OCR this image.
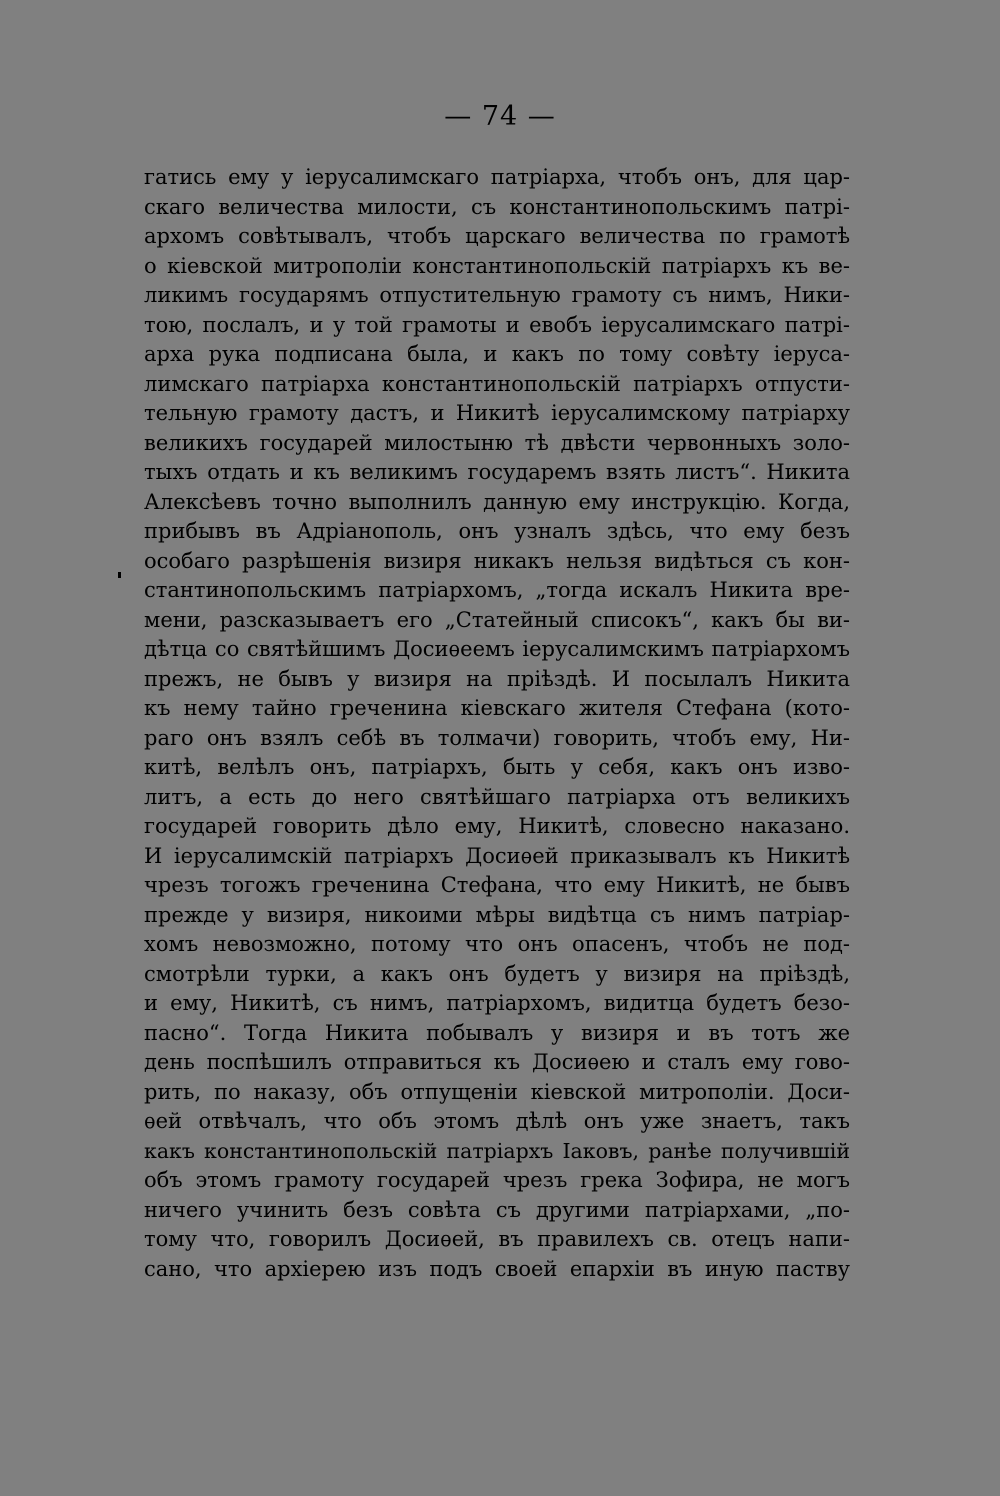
— 74 —
гатись ему у іерусалимскаго патріарха, чтобъ онъ, для цар-
скаго величества милости, съ константинопольскимъ патрі-
архомъ совѣтывалъ, чтобъ царскаго величества по грамотѣ
о кіевской митрополіи константинопольскій патріархъ къ ве-
ликимъ государямъ отпустительную грамоту съ нимъ, Ники-
тою, послалъ, и у той грамоты и евобъ іерусалимскаго патрі-
арха рука подписана была, и какъ по тому совѣту іеруса-
лимскаго патріарха константинопольскій патріархъ отпусти-
тельную грамоту дастъ, и Никитѣ іерусалимскому патріарху
великихъ государей милостыню тѣ двѣсти червонныхъ золо-
тыхъ отдать и къ великимъ государемъ взять листъ“. Никита
Алексѣевъ точно выполнилъ данную ему инструкцію. Когда,
прибывъ въ Адріанополь, онъ узналъ здѣсь, что ему безъ
особаго разрѣшенія визиря никакъ нельзя видѣться съ кон-
стантинопольскимъ патріархомъ, „тогда искалъ Никита вре-
мени, разсказываетъ его „Статейный списокъ“, какъ бы ви-
дѣтца со святѣйшимъ Досиѳеемъ іерусалимскимъ патріархомъ
прежъ, не бывъ у визиря на пріѣздѣ. И посылалъ Никита
къ нему тайно греченина кіевскаго жителя Стефана (кото-
раго онъ взялъ себѣ въ толмачи) говорить, чтобъ ему, Ни-
китѣ, велѣлъ онъ, патріархъ, быть у себя, какъ онъ изво-
литъ, а есть до него святѣйшаго патріарха отъ великихъ
государей говорить дѣло ему, Никитѣ, словесно наказано.
И іерусалимскій патріархъ Досиѳей приказывалъ къ Никитѣ
чрезъ тогожъ греченина Стефана, что ему Никитѣ, не бывъ
прежде у визиря, никоими мѣры видѣтца съ нимъ патріар-
хомъ невозможно, потому что онъ опасенъ, чтобъ не под-
смотрѣли турки, а какъ онъ будетъ у визиря на пріѣздѣ,
и ему, Никитѣ, съ нимъ, патріархомъ, видитца будетъ безо-
пасно“. Тогда Никита побывалъ у визиря и въ тотъ же
день поспѣшилъ отправиться къ Досиѳею и сталъ ему гово-
рить, по наказу, объ отпущеніи кіевской митрополіи. Доси-
ѳей отвѣчалъ, что объ этомъ дѣлѣ онъ уже знаетъ, такъ
какъ константинопольскій патріархъ Іаковъ, ранѣе получившій
объ этомъ грамоту государей чрезъ грека Зофира, не могъ
ничего учинить безъ совѣта съ другими патріархами, „по-
тому что, говорилъ Досиѳей, въ правилехъ св. отецъ напи-
сано, что архіерею изъ подъ своей епархіи въ иную паству
